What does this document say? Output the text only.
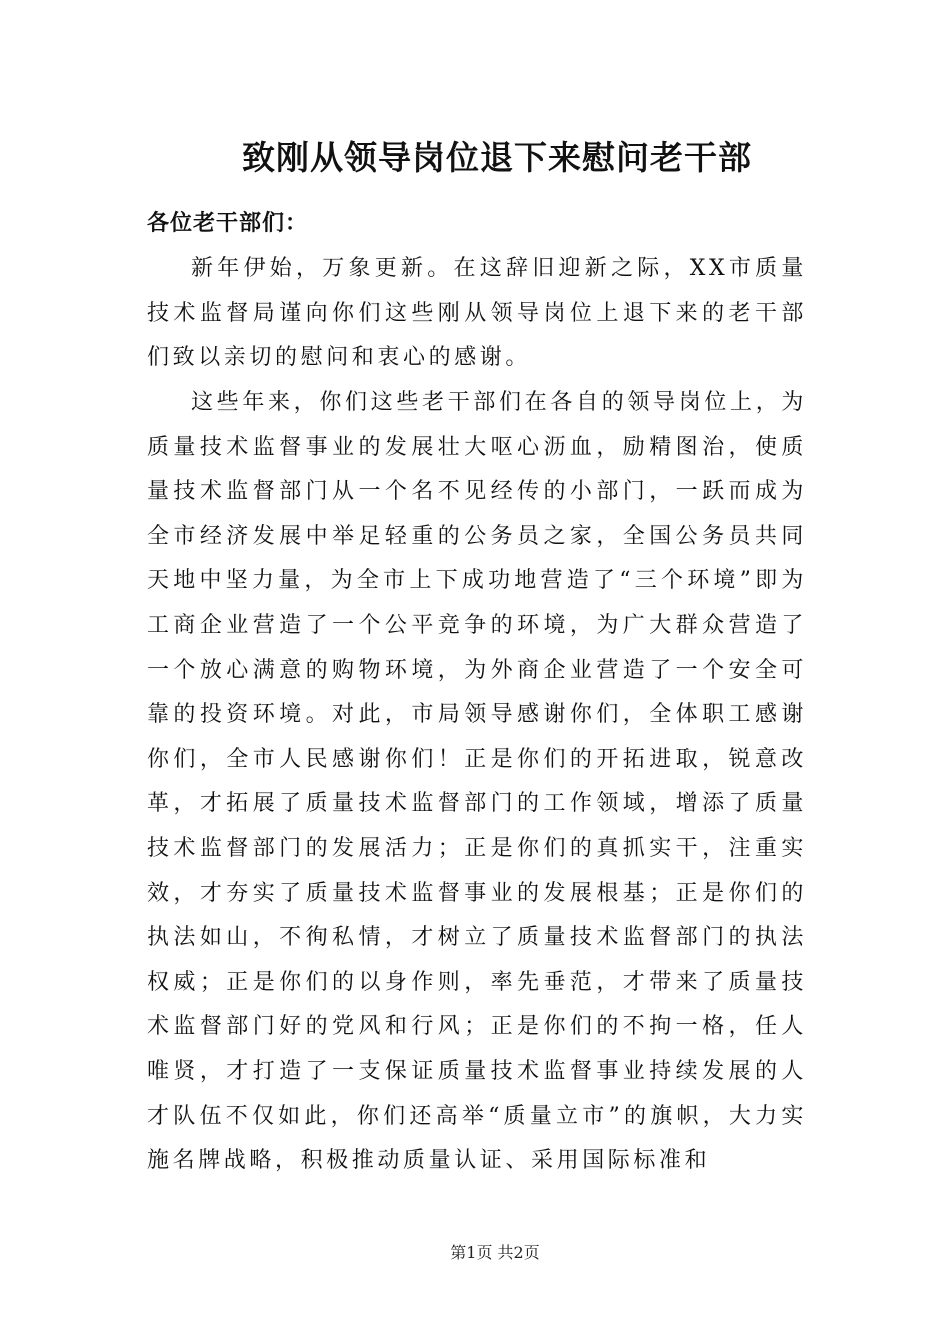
致刚从领导岗位退下来慰问老干部
各位老干部们：

新年伊始，万象更新。在这辞旧迎新之际，XX市质量技术监督局谨向你们这些刚从领导岗位上退下来的老干部们致以亲切的慰问和衷心的感谢。

这些年来，你们这些老干部们在各自的领导岗位上，为质量技术监督事业的发展壮大呕心沥血，励精图治，使质量技术监督部门从一个名不见经传的小部门，一跃而成为全市经济发展中举足轻重的公务员之家，全国公务员共同天地中坚力量，为全市上下成功地营造了“三个环境”即为工商企业营造了一个公平竞争的环境，为广大群众营造了一个放心满意的购物环境，为外商企业营造了一个安全可靠的投资环境。对此，市局领导感谢你们，全体职工感谢你们，全市人民感谢你们！正是你们的开拓进取，锐意改革，才拓展了质量技术监督部门的工作领域，增添了质量技术监督部门的发展活力；正是你们的真抓实干，注重实效，才夯实了质量技术监督事业的发展根基；正是你们的执法如山，不徇私情，才树立了质量技术监督部门的执法权威；正是你们的以身作则，率先垂范，才带来了质量技术监督部门好的党风和行风；正是你们的不拘一格，任人唯贤，才打造了一支保证质量技术监督事业持续发展的人才队伍不仅如此，你们还高举“质量立市”的旗帜，大力实施名牌战略，积极推动质量认证、采用国际标准和

第1页 共2页
